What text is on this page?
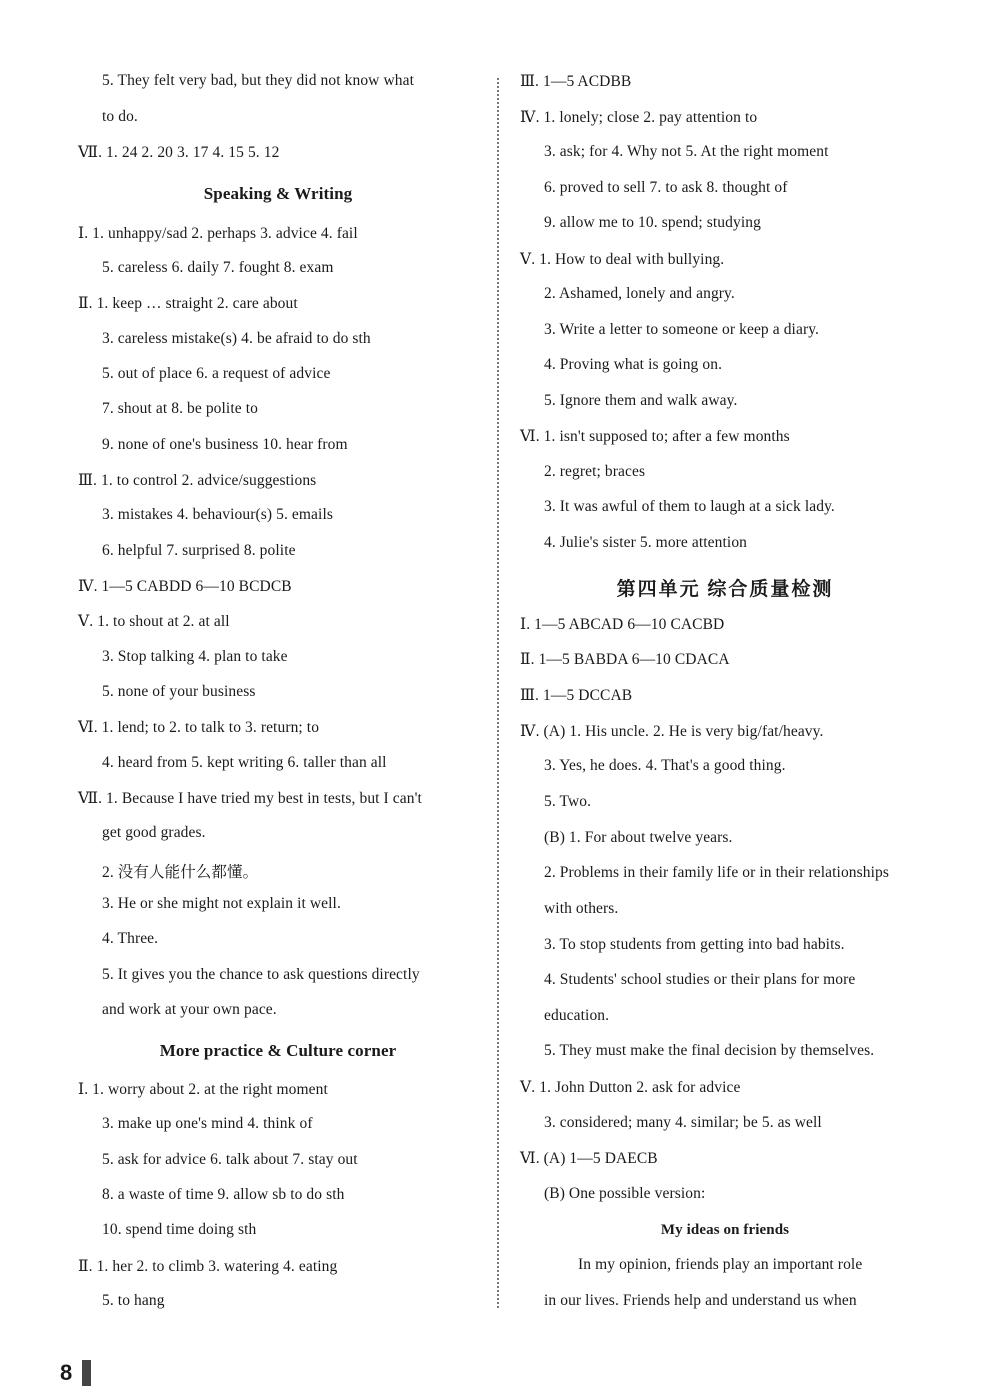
5. They felt very bad, but they did not know what
to do.
Ⅶ. 1. 24 2. 20 3. 17 4. 15 5. 12
Speaking & Writing
Ⅰ. 1. unhappy/sad 2. perhaps 3. advice 4. fail
5. careless 6. daily 7. fought 8. exam
Ⅱ. 1. keep … straight 2. care about
3. careless mistake(s) 4. be afraid to do sth
5. out of place 6. a request of advice
7. shout at 8. be polite to
9. none of one's business 10. hear from
Ⅲ. 1. to control 2. advice/suggestions
3. mistakes 4. behaviour(s) 5. emails
6. helpful 7. surprised 8. polite
Ⅳ. 1—5 CABDD 6—10 BCDCB
Ⅴ. 1. to shout at 2. at all
3. Stop talking 4. plan to take
5. none of your business
Ⅵ. 1. lend; to 2. to talk to 3. return; to
4. heard from 5. kept writing 6. taller than all
Ⅶ. 1. Because I have tried my best in tests, but I can't
get good grades.
2. 没有人能什么都懂。
3. He or she might not explain it well.
4. Three.
5. It gives you the chance to ask questions directly
and work at your own pace.
More practice & Culture corner
Ⅰ. 1. worry about 2. at the right moment
3. make up one's mind 4. think of
5. ask for advice 6. talk about 7. stay out
8. a waste of time 9. allow sb to do sth
10. spend time doing sth
Ⅱ. 1. her 2. to climb 3. watering 4. eating
5. to hang
Ⅲ. 1—5 ACDBB
Ⅳ. 1. lonely; close 2. pay attention to
3. ask; for 4. Why not 5. At the right moment
6. proved to sell 7. to ask 8. thought of
9. allow me to 10. spend; studying
Ⅴ. 1. How to deal with bullying.
2. Ashamed, lonely and angry.
3. Write a letter to someone or keep a diary.
4. Proving what is going on.
5. Ignore them and walk away.
Ⅵ. 1. isn't supposed to; after a few months
2. regret; braces
3. It was awful of them to laugh at a sick lady.
4. Julie's sister 5. more attention
第四单元 综合质量检测
Ⅰ. 1—5 ABCAD 6—10 CACBD
Ⅱ. 1—5 BABDA 6—10 CDACA
Ⅲ. 1—5 DCCAB
Ⅳ. (A) 1. His uncle. 2. He is very big/fat/heavy.
3. Yes, he does. 4. That's a good thing.
5. Two.
(B) 1. For about twelve years.
2. Problems in their family life or in their relationships
with others.
3. To stop students from getting into bad habits.
4. Students' school studies or their plans for more
education.
5. They must make the final decision by themselves.
Ⅴ. 1. John Dutton 2. ask for advice
3. considered; many 4. similar; be 5. as well
Ⅵ. (A) 1—5 DAECB
(B) One possible version:
My ideas on friends
In my opinion, friends play an important role
in our lives. Friends help and understand us when
8
